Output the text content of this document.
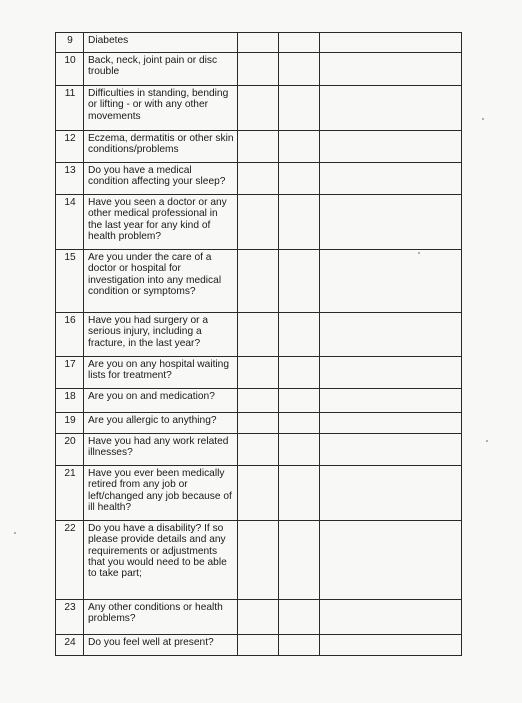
9	Diabetes			
10	Back, neck, joint pain or disc trouble			
11	Difficulties in standing, bending or lifting - or with any other movements			
12	Eczema, dermatitis or other skin conditions/problems			
13	Do you have a medical condition affecting your sleep?			
14	Have you seen a doctor or any other medical professional in the last year for any kind of health problem?			
15	Are you under the care of a doctor or hospital for investigation into any medical condition or symptoms?			
16	Have you had surgery or a serious injury, including a fracture, in the last year?			
17	Are you on any hospital waiting lists for treatment?			
18	Are you on and medication?			
19	Are you allergic to anything?			
20	Have you had any work related illnesses?			
21	Have you ever been medically retired from any job or left/changed any job because of ill health?			
22	Do you have a disability? If so please provide details and any requirements or adjustments that you would need to be able to take part;			
23	Any other conditions or health problems?			
24	Do you feel well at present?			
